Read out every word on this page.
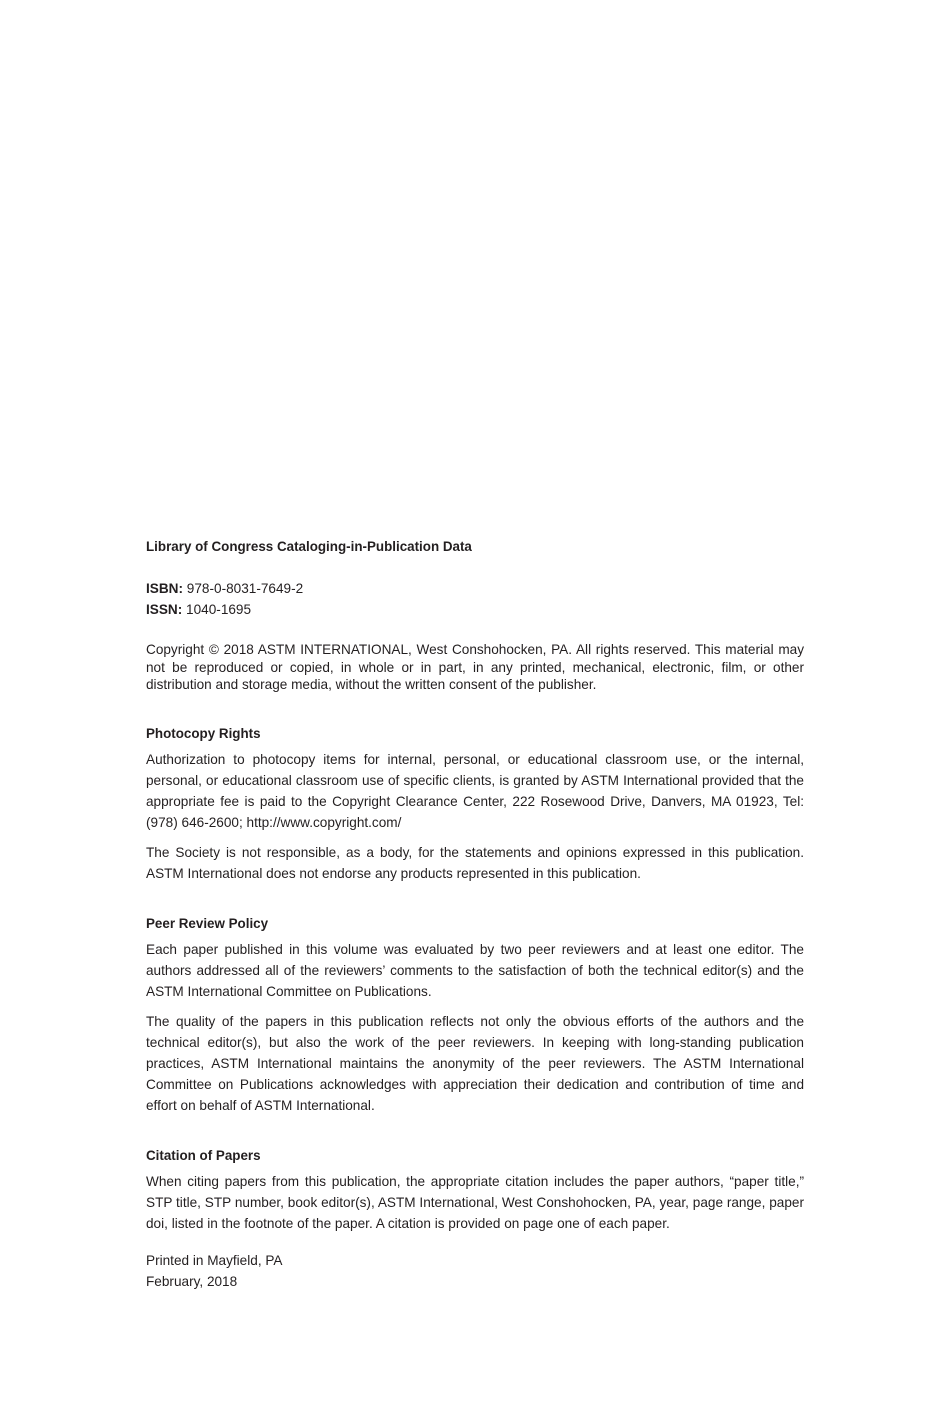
Library of Congress Cataloging-in-Publication Data

ISBN: 978-0-8031-7649-2

ISSN: 1040-1695

Copyright © 2018 ASTM INTERNATIONAL, West Conshohocken, PA. All rights reserved. This material may not be reproduced or copied, in whole or in part, in any printed, mechanical, electronic, film, or other distribution and storage media, without the written consent of the publisher.

Photocopy Rights

Authorization to photocopy items for internal, personal, or educational classroom use, or the internal, personal, or educational classroom use of specific clients, is granted by ASTM International provided that the appropriate fee is paid to the Copyright Clearance Center, 222 Rosewood Drive, Danvers, MA 01923, Tel: (978) 646-2600; http://www.copyright.com/

The Society is not responsible, as a body, for the statements and opinions expressed in this publication. ASTM International does not endorse any products represented in this publication.

Peer Review Policy

Each paper published in this volume was evaluated by two peer reviewers and at least one editor. The authors addressed all of the reviewers’ comments to the satisfaction of both the technical editor(s) and the ASTM International Committee on Publications.

The quality of the papers in this publication reflects not only the obvious efforts of the authors and the technical editor(s), but also the work of the peer reviewers. In keeping with long-standing publication practices, ASTM International maintains the anonymity of the peer reviewers. The ASTM International Committee on Publications acknowledges with appreciation their dedication and contribution of time and effort on behalf of ASTM International.

Citation of Papers

When citing papers from this publication, the appropriate citation includes the paper authors, “paper title,” STP title, STP number, book editor(s), ASTM International, West Conshohocken, PA, year, page range, paper doi, listed in the footnote of the paper. A citation is provided on page one of each paper.

Printed in Mayfield, PA

February, 2018
